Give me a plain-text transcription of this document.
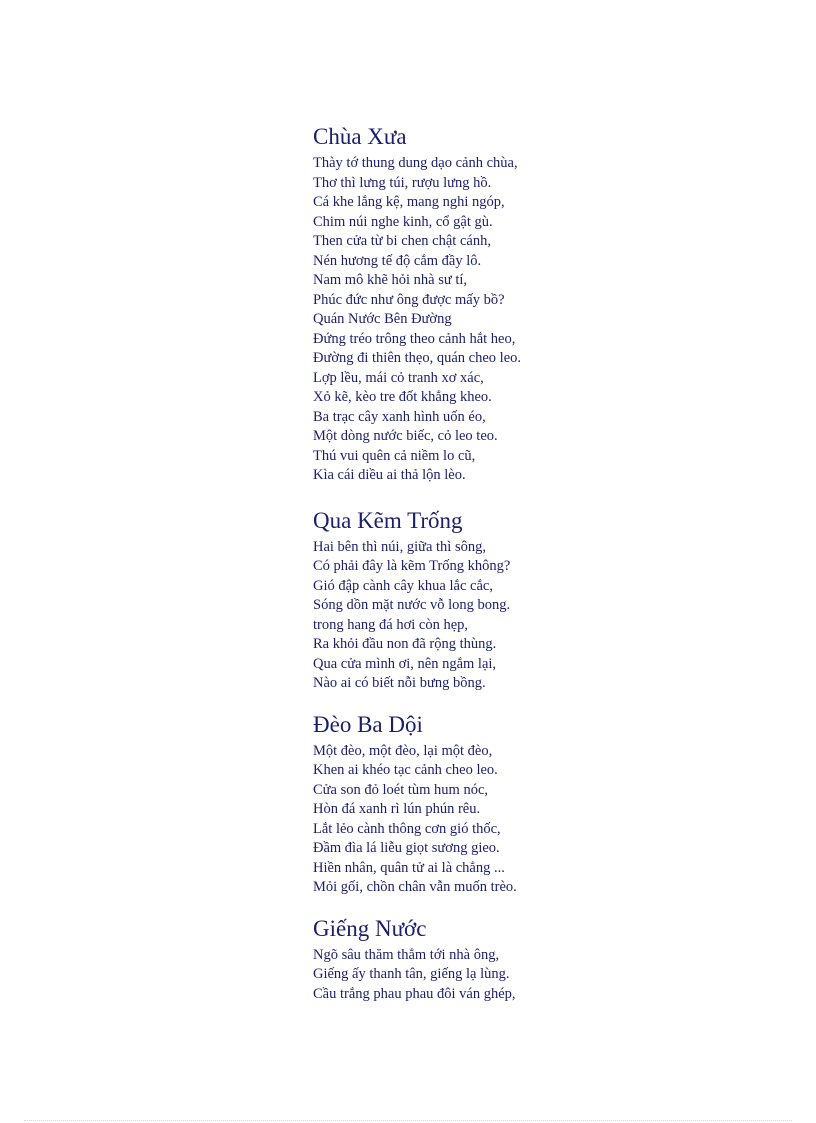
Chùa Xưa
Thày tớ thung dung dạo cảnh chùa,
Thơ thì lưng túi, rượu lưng hồ.
Cá khe lắng kệ, mang nghi ngóp,
Chim núi nghe kinh, cổ gật gù.
Then cửa từ bi chen chật cánh,
Nén hương tế độ cắm đầy lô.
Nam mô khẽ hỏi nhà sư tí,
Phúc đức như ông được mấy bồ?
Quán Nước Bên Đường
Đứng tréo trông theo cảnh hắt heo,
Đường đi thiên thẹo, quán cheo leo.
Lợp lều, mái cỏ tranh xơ xác,
Xỏ kẽ, kèo tre đốt khẳng kheo.
Ba trạc cây xanh hình uốn éo,
Một dòng nước biếc, cỏ leo teo.
Thú vui quên cả niềm lo cũ,
Kìa cái diều ai thả lộn lèo.
Qua Kẽm Trống
Hai bên thì núi, giữa thì sông,
Có phải đây là kẽm Trống không?
Gió đập cành cây khua lắc cắc,
Sóng dồn mặt nước vỗ long bong.
trong hang đá hơi còn hẹp,
Ra khỏi đầu non đã rộng thùng.
Qua cửa mình ơi, nên ngắm lại,
Nào ai có biết nỗi bưng bồng.
Đèo Ba Dội
Một đèo, một đèo, lại một đèo,
Khen ai khéo tạc cảnh cheo leo.
Cửa son đỏ loét tùm hum nóc,
Hòn đá xanh rì lún phún rêu.
Lắt lẻo cành thông cơn gió thốc,
Đầm đìa lá liễu giọt sương gieo.
Hiền nhân, quân tử ai là chẳng ...
Mỏi gối, chồn chân vẫn muốn trèo.
Giếng Nước
Ngõ sâu thăm thẳm tới nhà ông,
Giếng ấy thanh tân, giếng lạ lùng.
Cầu trắng phau phau đôi ván ghép,
